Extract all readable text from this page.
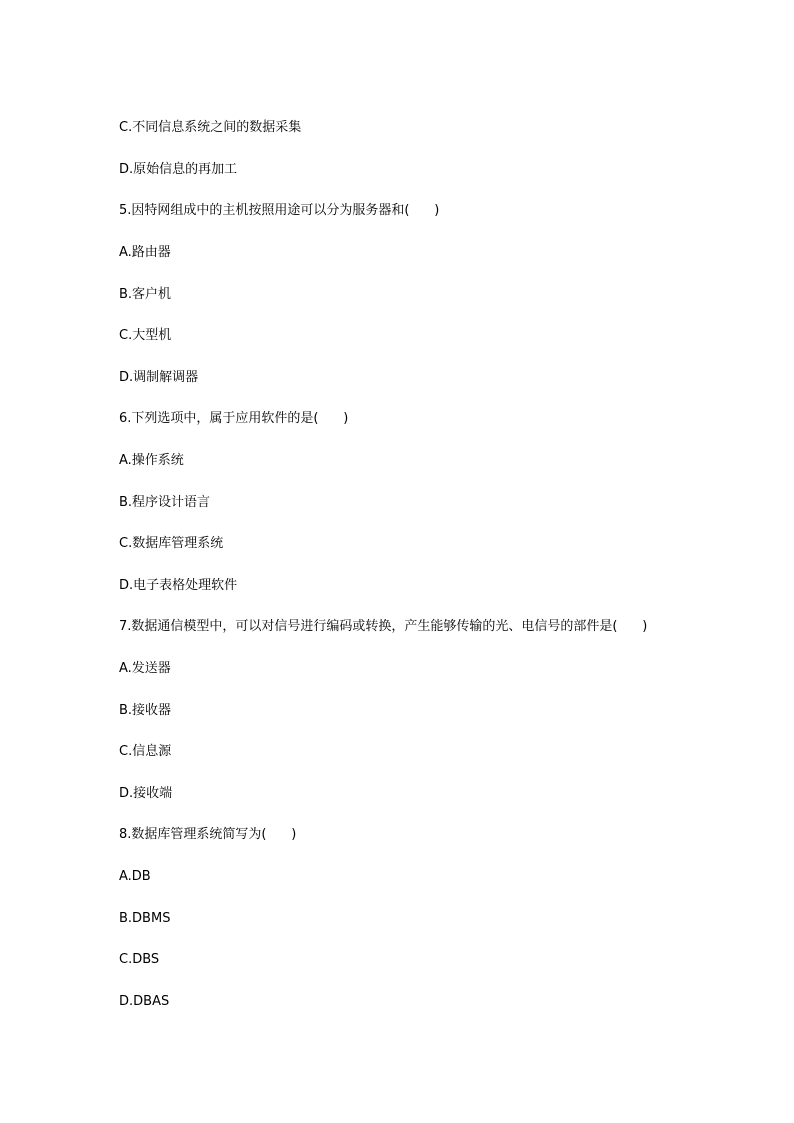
C.不同信息系统之间的数据采集
D.原始信息的再加工
5.因特网组成中的主机按照用途可以分为服务器和(      )
A.路由器
B.客户机
C.大型机
D.调制解调器
6.下列选项中，属于应用软件的是(      )
A.操作系统
B.程序设计语言
C.数据库管理系统
D.电子表格处理软件
7.数据通信模型中，可以对信号进行编码或转换，产生能够传输的光、电信号的部件是(      )
A.发送器
B.接收器
C.信息源
D.接收端
8.数据库管理系统简写为(      )
A.DB
B.DBMS
C.DBS
D.DBAS
